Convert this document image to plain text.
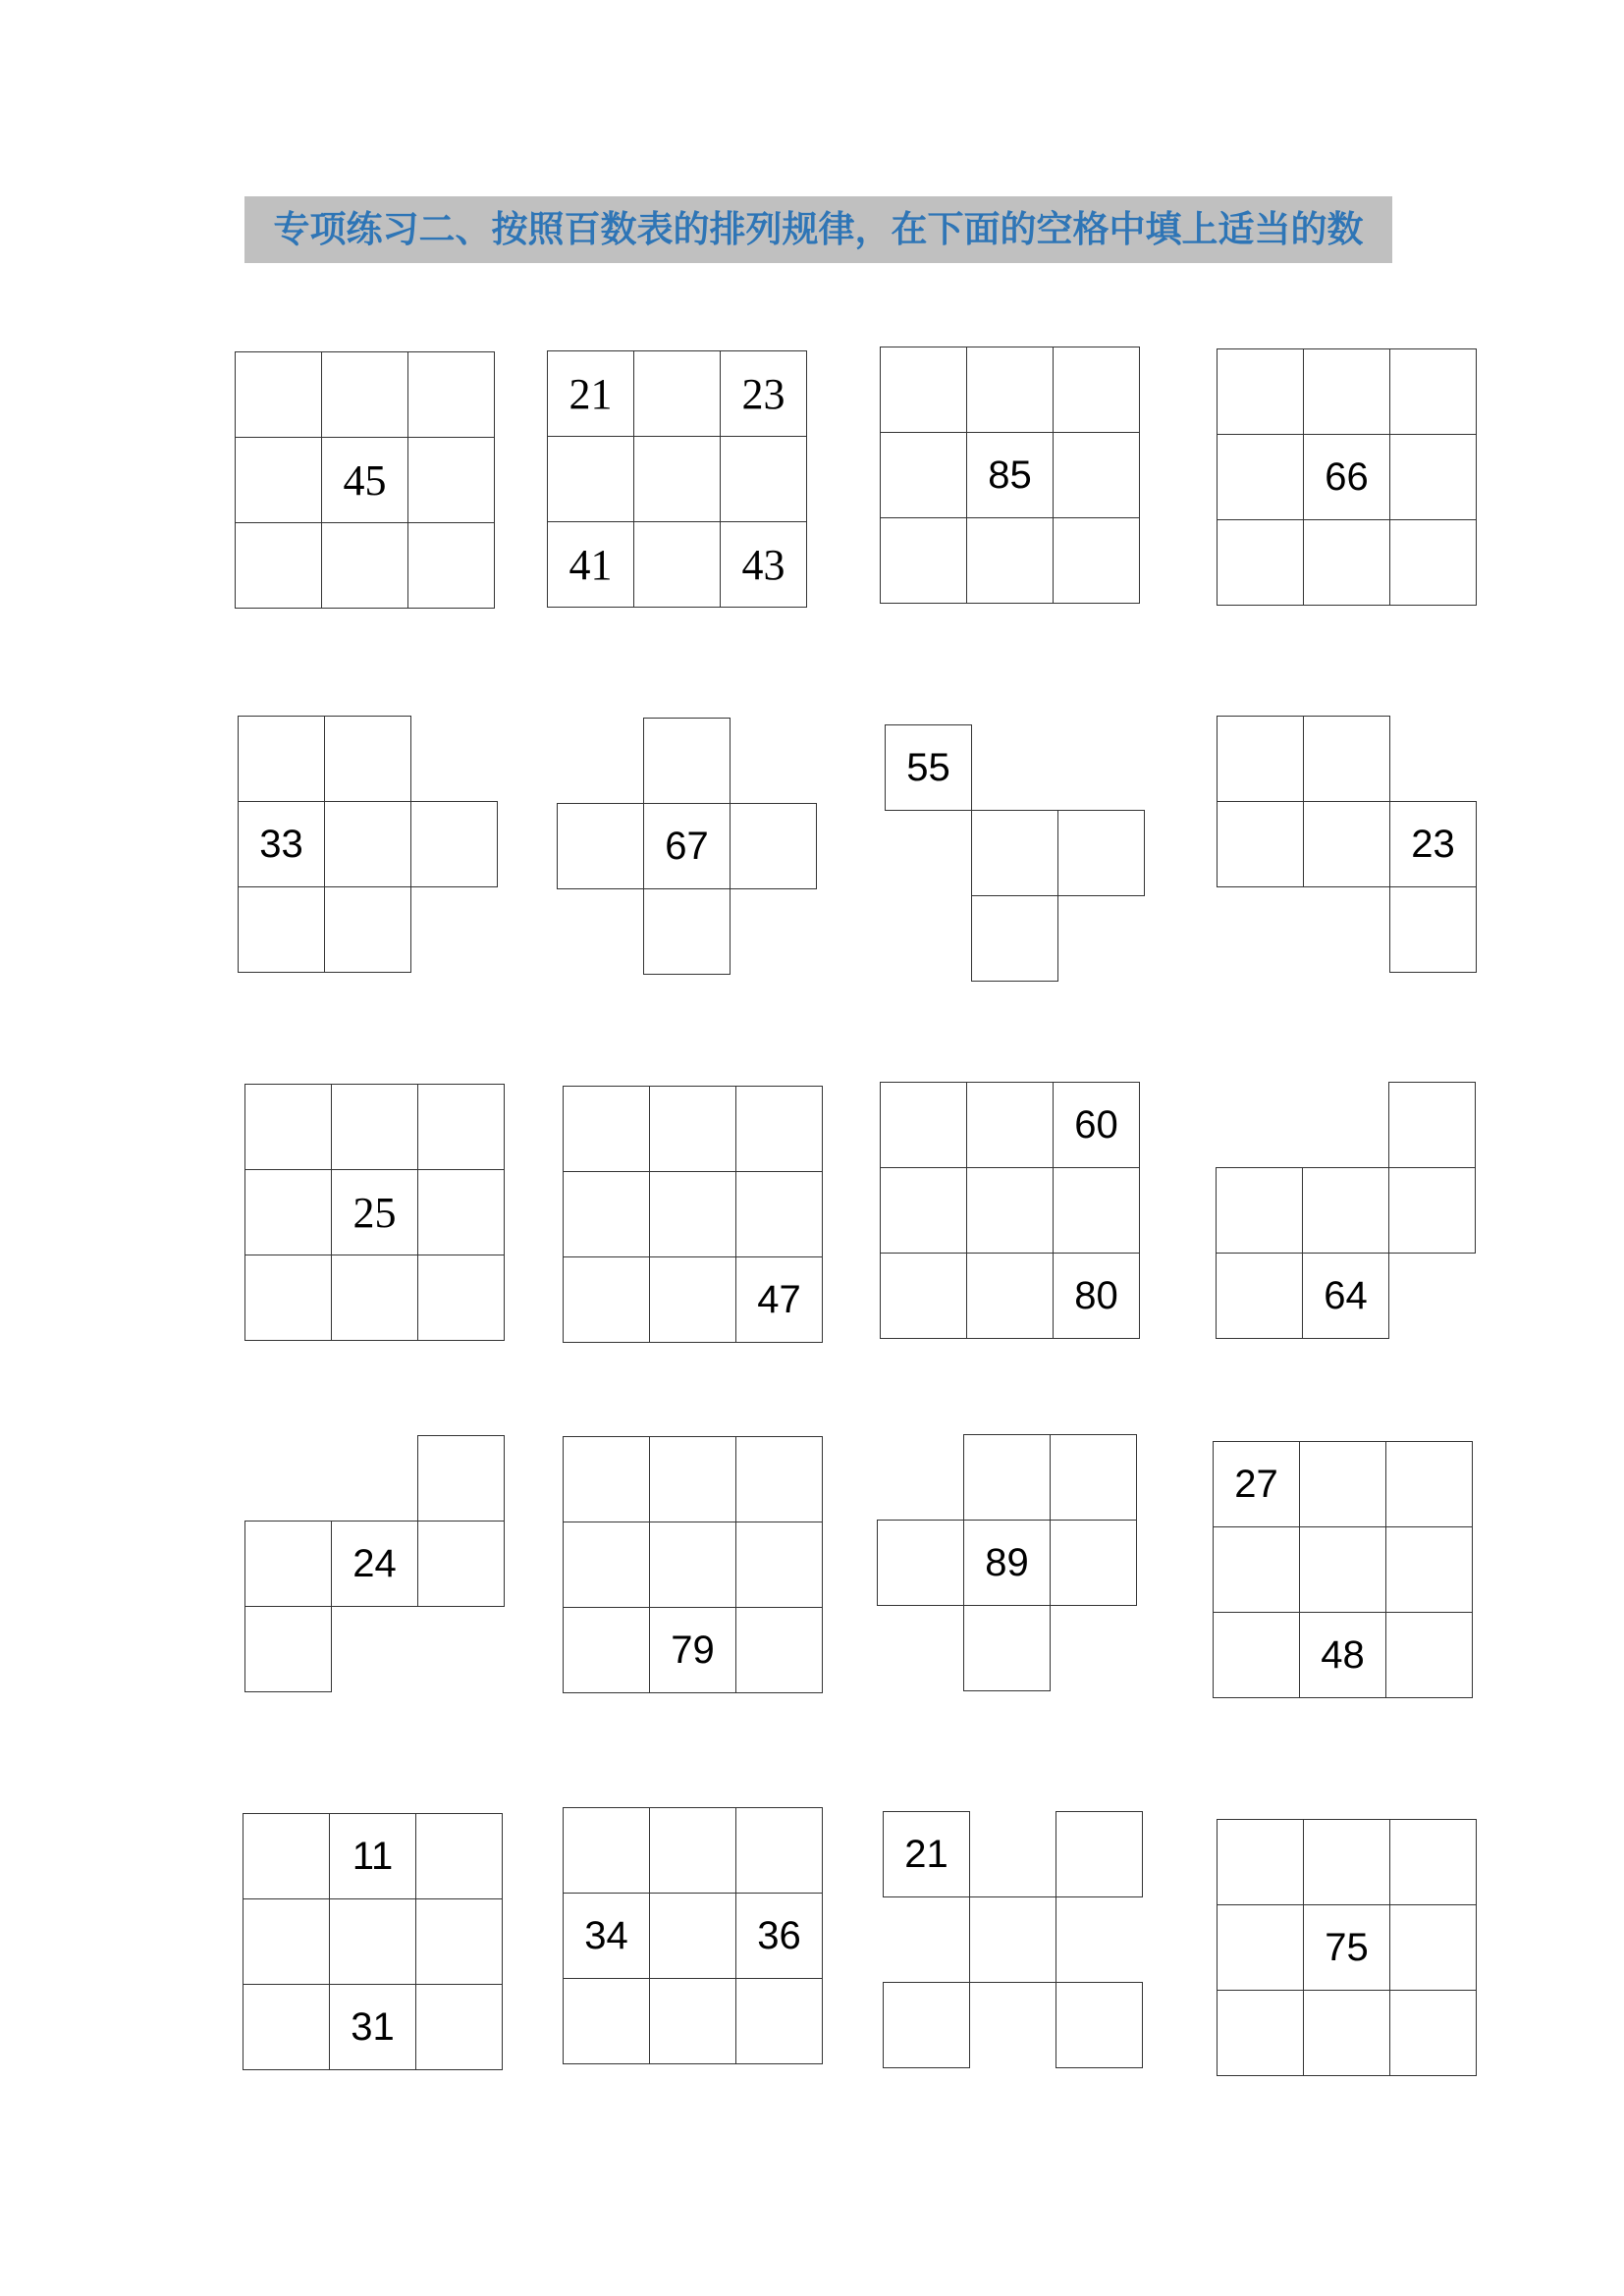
专项练习二、按照百数表的排列规律，在下面的空格中填上适当的数
45
21	23
41	43
85	66
33	67
55
23
25
47
60
80	64
24
79
89
27
48
11
31
34	36
21
75
